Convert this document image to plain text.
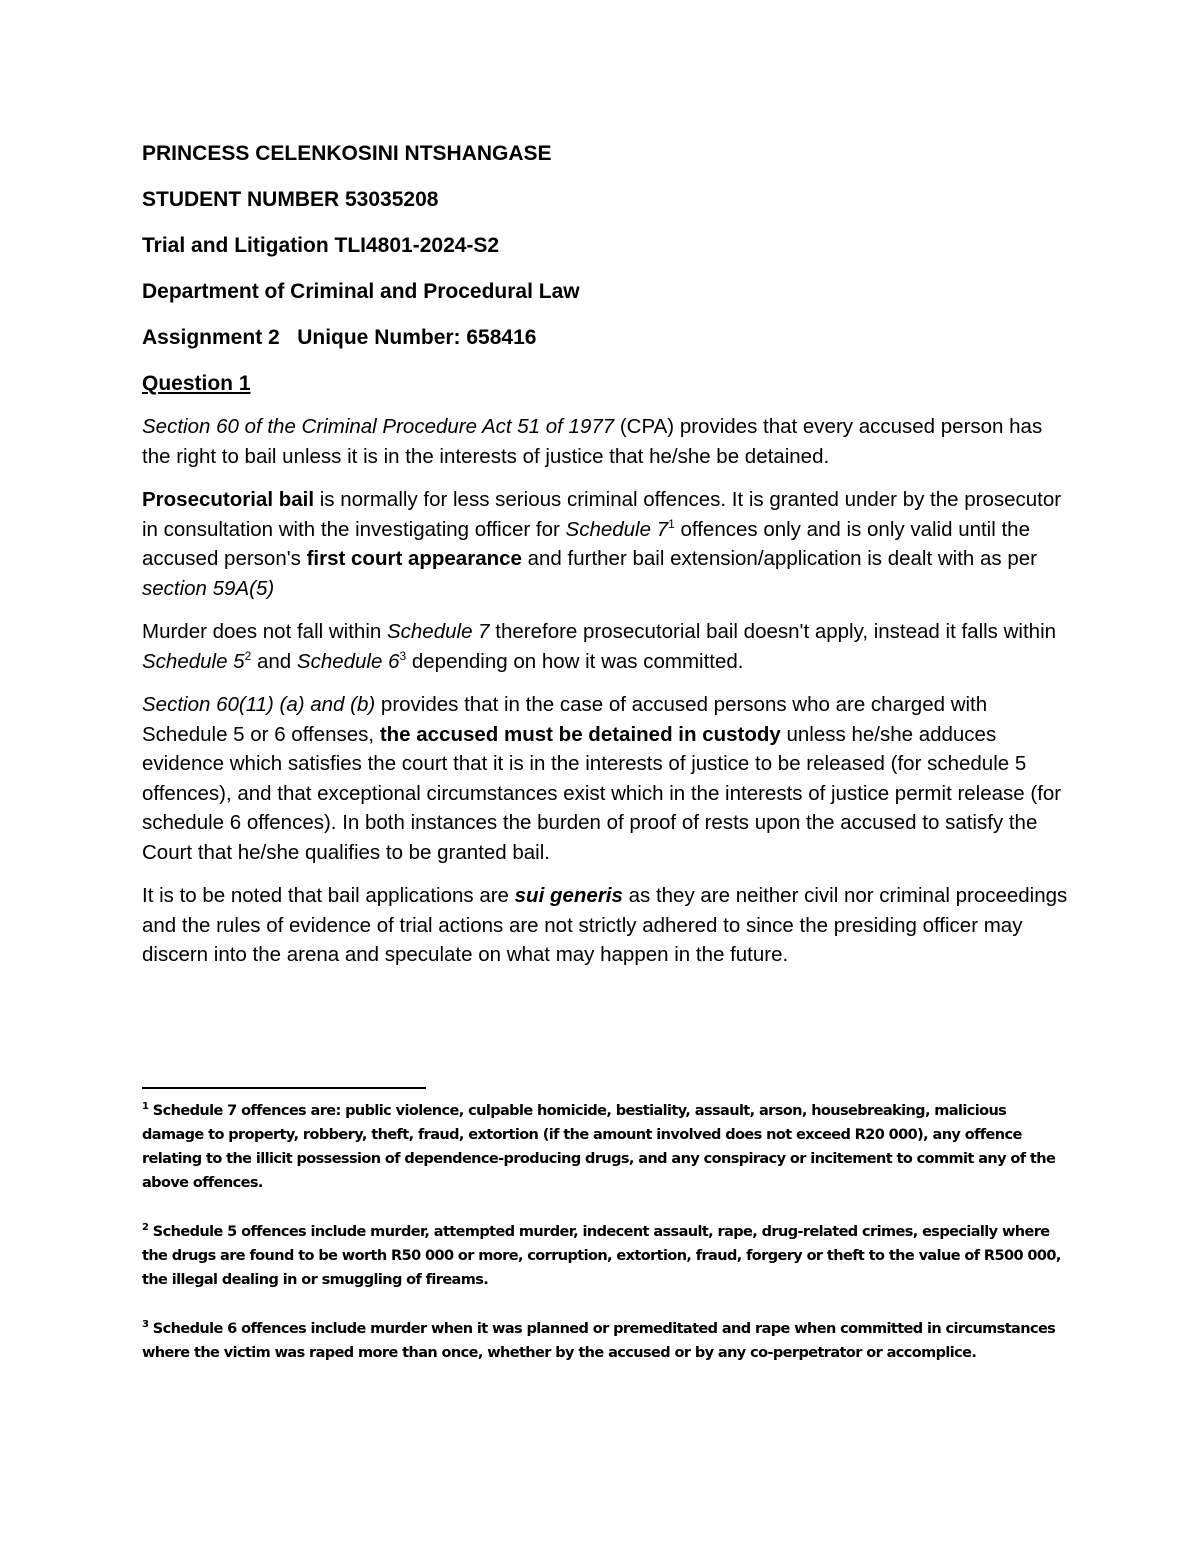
PRINCESS CELENKOSINI NTSHANGASE
STUDENT NUMBER 53035208
Trial and Litigation TLI4801-2024-S2
Department of Criminal and Procedural Law
Assignment 2   Unique Number: 658416
Question 1

Section 60 of the Criminal Procedure Act 51 of 1977 (CPA) provides that every accused person has the right to bail unless it is in the interests of justice that he/she be detained.

Prosecutorial bail is normally for less serious criminal offences. It is granted under by the prosecutor in consultation with the investigating officer for Schedule $7^1$ offences only and is only valid until the accused person's first court appearance and further bail extension/application is dealt with as per section 59A(5)

Murder does not fall within Schedule 7 therefore prosecutorial bail doesn't apply, instead it falls within Schedule $5^2$ and Schedule $6^3$ depending on how it was committed.

Section 60(11) (a) and (b) provides that in the case of accused persons who are charged with Schedule 5 or 6 offenses, the accused must be detained in custody unless he/she adduces evidence which satisfies the court that it is in the interests of justice to be released (for schedule 5 offences), and that exceptional circumstances exist which in the interests of justice permit release (for schedule 6 offences). In both instances the burden of proof of rests upon the accused to satisfy the Court that he/she qualifies to be granted bail.

It is to be noted that bail applications are sui generis as they are neither civil nor criminal proceedings and the rules of evidence of trial actions are not strictly adhered to since the presiding officer may discern into the arena and speculate on what may happen in the future.

$^1$ Schedule 7 offences are: public violence, culpable homicide, bestiality, assault, arson, housebreaking, malicious damage to property, robbery, theft, fraud, extortion (if the amount involved does not exceed R20 000), any offence relating to the illicit possession of dependence-producing drugs, and any conspiracy or incitement to commit any of the above offences.

$^2$ Schedule 5 offences include murder, attempted murder, indecent assault, rape, drug-related crimes, especially where the drugs are found to be worth R50 000 or more, corruption, extortion, fraud, forgery or theft to the value of R500 000, the illegal dealing in or smuggling of fireams.

$^3$ Schedule 6 offences include murder when it was planned or premeditated and rape when committed in circumstances where the victim was raped more than once, whether by the accused or by any co-perpetrator or accomplice.
